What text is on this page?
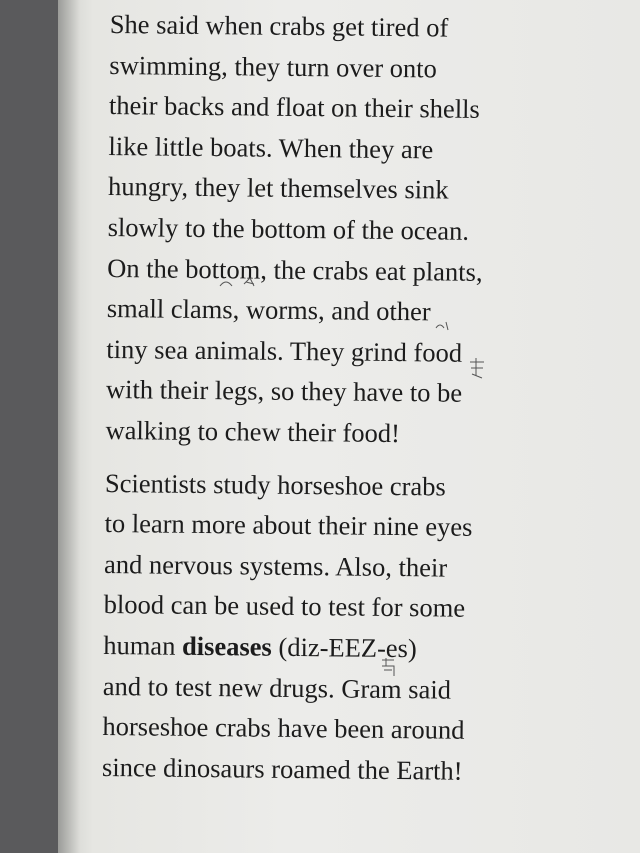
She said when crabs get tired of
swimming, they turn over onto
their backs and float on their shells
like little boats. When they are
hungry, they let themselves sink
slowly to the bottom of the ocean.
On the bottom, the crabs eat plants,
small clams, worms, and other
tiny sea animals. They grind food
with their legs, so they have to be
walking to chew their food!

Scientists study horseshoe crabs
to learn more about their nine eyes
and nervous systems. Also, their
blood can be used to test for some
human diseases (diz-EEZ-es)
and to test new drugs. Gram said
horseshoe crabs have been around
since dinosaurs roamed the Earth!
